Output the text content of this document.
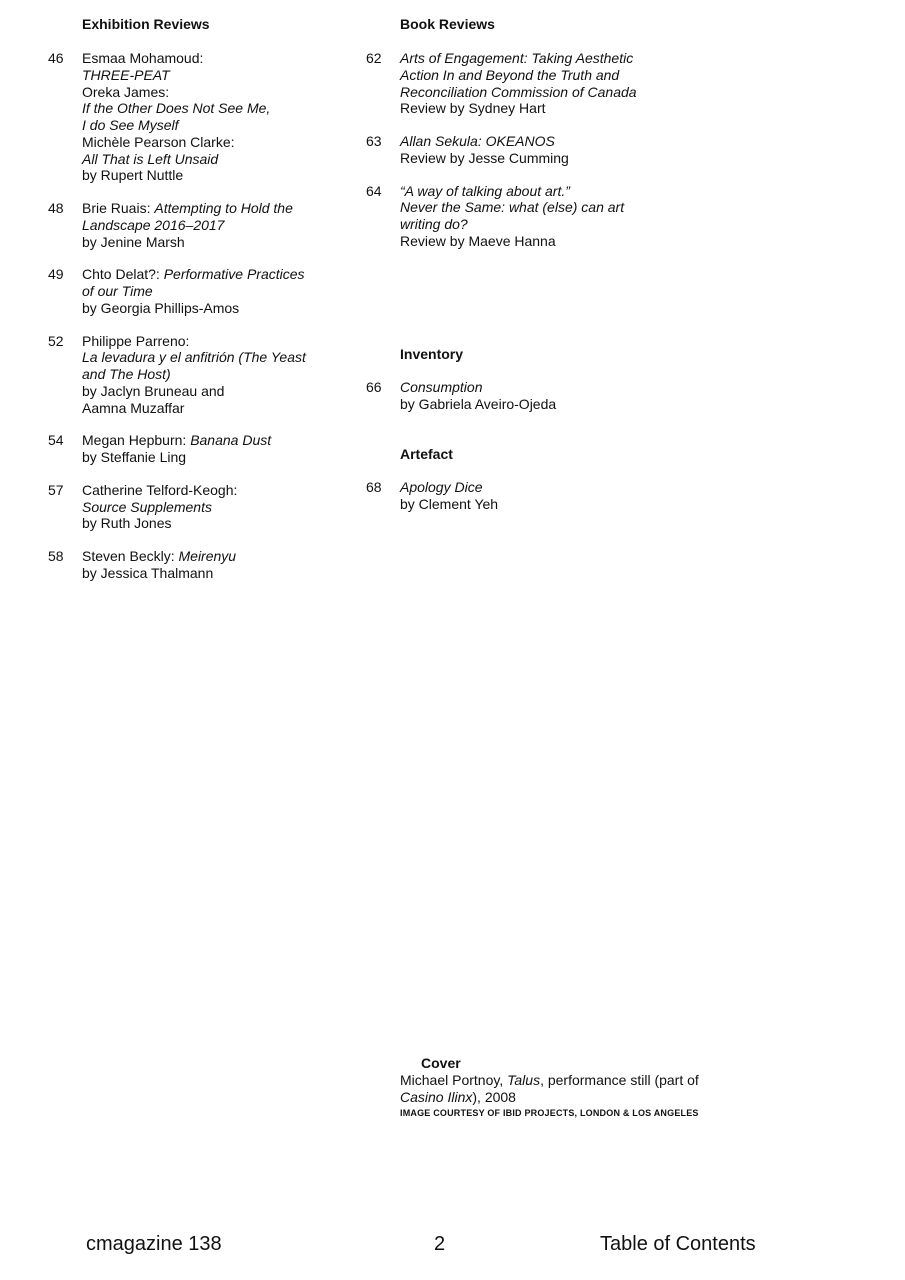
Exhibition Reviews
46	Esmaa Mohamoud:
THREE-PEAT
Oreka James:
If the Other Does Not See Me,
I do See Myself
Michèle Pearson Clarke:
All That is Left Unsaid
by Rupert Nuttle
48	Brie Ruais: Attempting to Hold the
Landscape 2016–2017
by Jenine Marsh
49	Chto Delat?: Performative Practices
of our Time
by Georgia Phillips-Amos
52	Philippe Parreno:
La levadura y el anfitrión (The Yeast
and The Host)
by Jaclyn Bruneau and
Aamna Muzaffar
54	Megan Hepburn: Banana Dust
by Steffanie Ling
57	Catherine Telford-Keogh:
Source Supplements
by Ruth Jones
58	Steven Beckly: Meirenyu
by Jessica Thalmann
Book Reviews
62	Arts of Engagement: Taking Aesthetic
Action In and Beyond the Truth and
Reconciliation Commission of Canada
Review by Sydney Hart
63	Allan Sekula: OKEANOS
Review by Jesse Cumming
64	“A way of talking about art.”
Never the Same: what (else) can art
writing do?
Review by Maeve Hanna
Inventory
66	Consumption
by Gabriela Aveiro-Ojeda
Artefact
68	Apology Dice
by Clement Yeh
Cover
Michael Portnoy, Talus, performance still (part of
Casino Ilinx), 2008
IMAGE COURTESY OF IBID PROJECTS, LONDON & LOS ANGELES
cmagazine 138	2	Table of Contents
